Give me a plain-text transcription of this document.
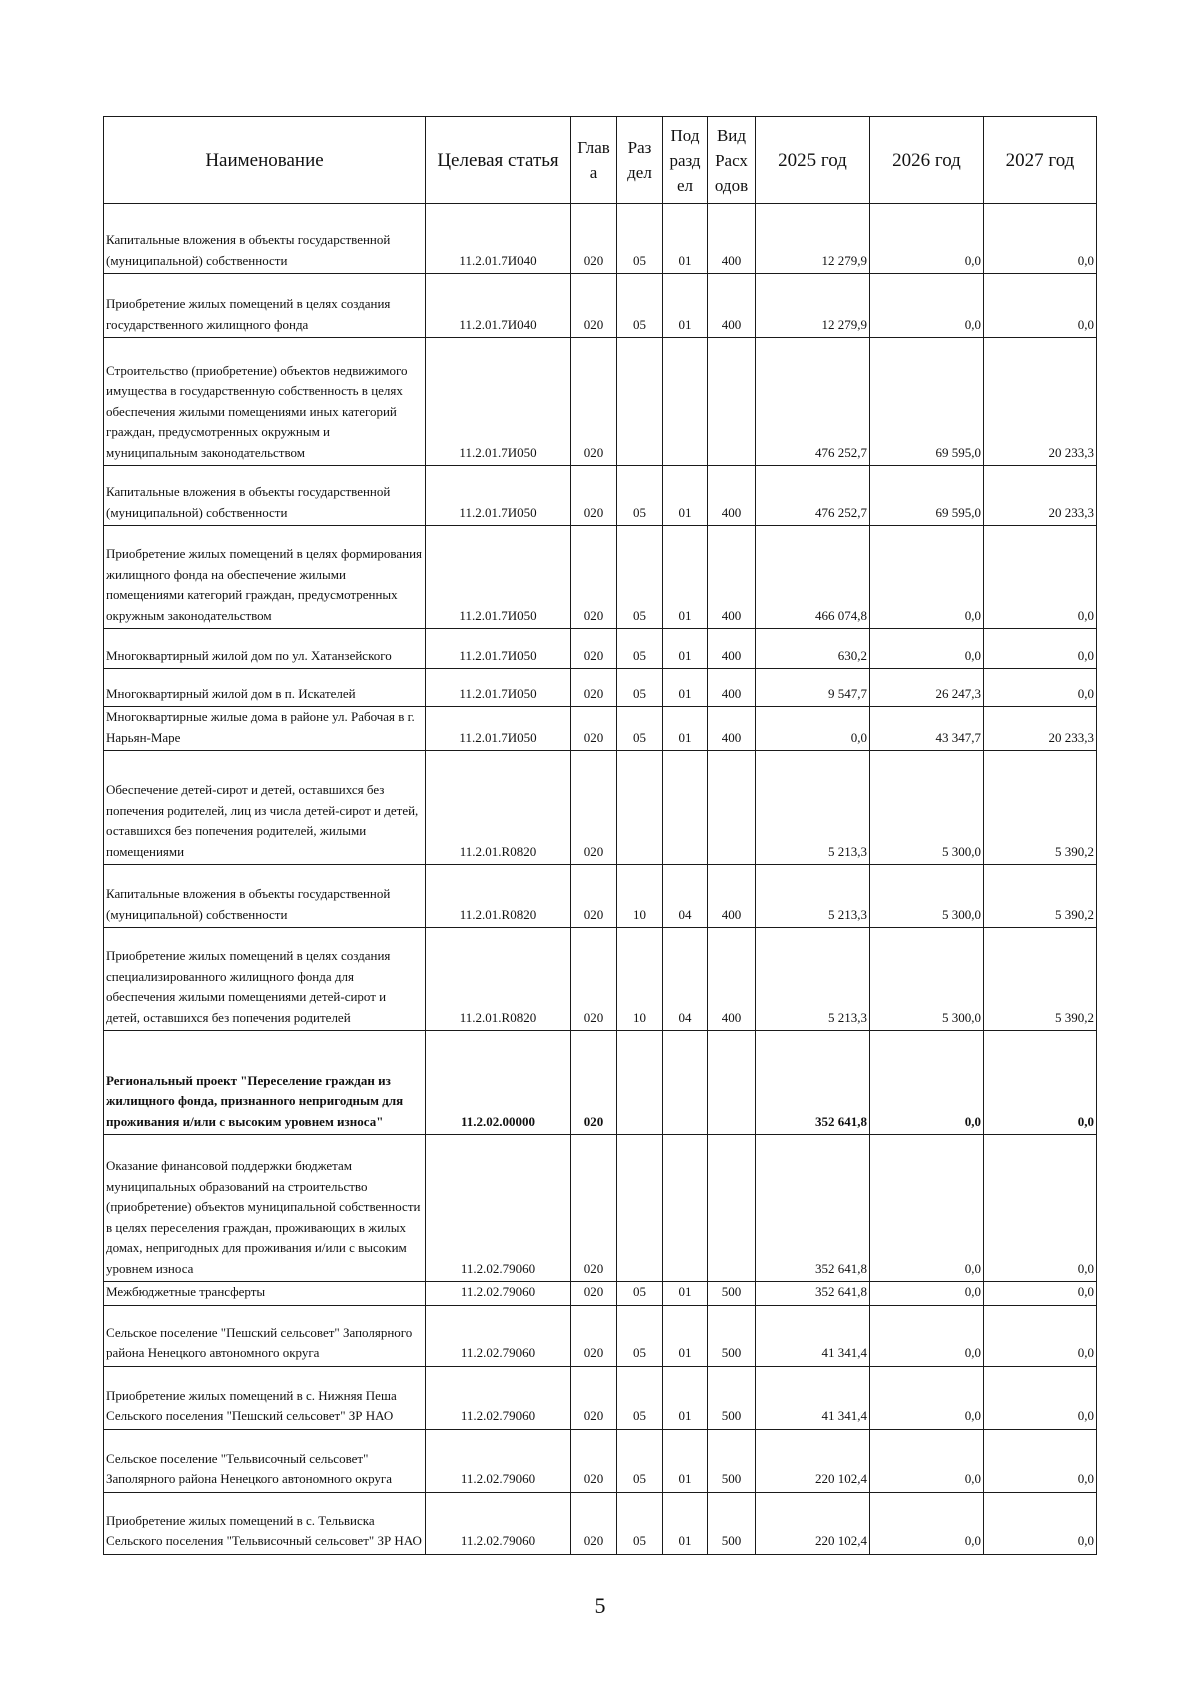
Наименование	Целевая статья	Глав а	Раз дел	Под разд ел	Вид Расх одов	2025 год	2026 год	2027 год
Капитальные вложения в объекты государственной (муниципальной) собственности	11.2.01.7И040	020	05	01	400	12 279,9	0,0	0,0
Приобретение жилых помещений в целях создания государственного жилищного фонда	11.2.01.7И040	020	05	01	400	12 279,9	0,0	0,0
Строительство (приобретение) объектов недвижимого имущества в государственную собственность в целях обеспечения жилыми помещениями иных категорий граждан, предусмотренных окружным и муниципальным законодательством	11.2.01.7И050	020				476 252,7	69 595,0	20 233,3
Капитальные вложения в объекты государственной (муниципальной) собственности	11.2.01.7И050	020	05	01	400	476 252,7	69 595,0	20 233,3
Приобретение жилых помещений в целях формирования жилищного фонда на обеспечение жилыми помещениями категорий граждан, предусмотренных окружным законодательством	11.2.01.7И050	020	05	01	400	466 074,8	0,0	0,0
Многоквартирный жилой дом по ул. Хатанзейского	11.2.01.7И050	020	05	01	400	630,2	0,0	0,0
Многоквартирный жилой дом в п. Искателей	11.2.01.7И050	020	05	01	400	9 547,7	26 247,3	0,0
Многоквартирные жилые дома в районе ул. Рабочая в г. Нарьян-Маре	11.2.01.7И050	020	05	01	400	0,0	43 347,7	20 233,3
Обеспечение детей-сирот и детей, оставшихся без попечения родителей, лиц из числа детей-сирот и детей, оставшихся без попечения родителей, жилыми помещениями	11.2.01.R0820	020				5 213,3	5 300,0	5 390,2
Капитальные вложения в объекты государственной (муниципальной) собственности	11.2.01.R0820	020	10	04	400	5 213,3	5 300,0	5 390,2
Приобретение жилых помещений в целях создания специализированного жилищного фонда для обеспечения жилыми помещениями детей-сирот и детей, оставшихся без попечения родителей	11.2.01.R0820	020	10	04	400	5 213,3	5 300,0	5 390,2
Региональный проект "Переселение граждан из жилищного фонда, признанного непригодным для проживания и/или с высоким уровнем износа"	11.2.02.00000	020				352 641,8	0,0	0,0
Оказание финансовой поддержки бюджетам муниципальных образований на строительство (приобретение) объектов муниципальной собственности в целях переселения граждан, проживающих в жилых домах, непригодных для проживания и/или с высоким уровнем износа	11.2.02.79060	020				352 641,8	0,0	0,0
Межбюджетные трансферты	11.2.02.79060	020	05	01	500	352 641,8	0,0	0,0
Сельское поселение "Пешский сельсовет" Заполярного района Ненецкого автономного округа	11.2.02.79060	020	05	01	500	41 341,4	0,0	0,0
Приобретение жилых помещений в с. Нижняя Пеша Сельского поселения "Пешский сельсовет" ЗР НАО	11.2.02.79060	020	05	01	500	41 341,4	0,0	0,0
Сельское поселение "Тельвисочный сельсовет" Заполярного района Ненецкого автономного округа	11.2.02.79060	020	05	01	500	220 102,4	0,0	0,0
Приобретение жилых помещений в с. Тельвиска Сельского поселения "Тельвисочный сельсовет" ЗР НАО	11.2.02.79060	020	05	01	500	220 102,4	0,0	0,0
5
